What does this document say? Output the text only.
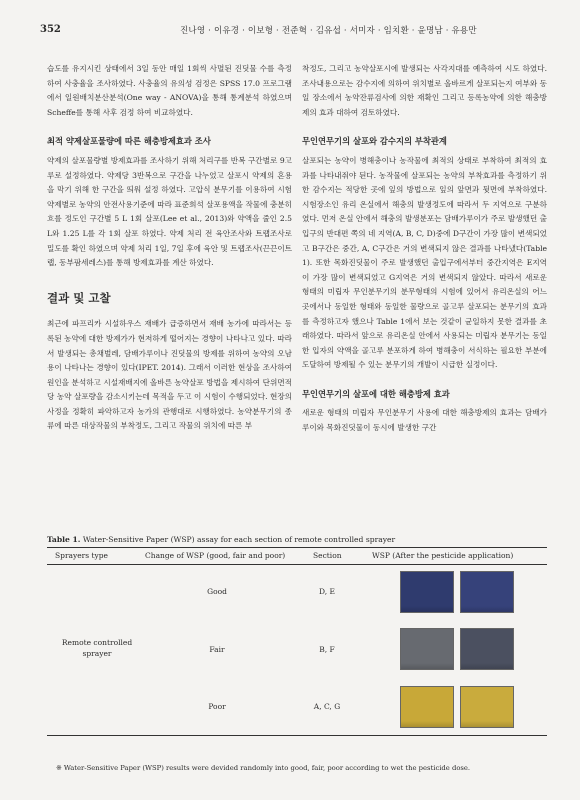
352	진나영 · 이유경 · 이보형 · 전준혁 · 김유섭 · 서미자 · 임치환 · 윤명남 · 유용만

습도를 유지시킨 상태에서 3일 동안 매일 1회씩 사멸된 진딧물 수를 측정하여 사충율을 조사하였다. 사충율의 유의성 검정은 SPSS 17.0 프로그램에서 일원배치분산분석(One way - ANOVA)을 통해 통계분석 하였으며 Scheffe를 통해 사후 검정 하여 비교하였다.

최적 약제살포물량에 따른 해충방제효과 조사

약제의 살포물량별 방제효과를 조사하기 위해 처리구를 반복 구간별로 9고루로 설정하였다. 약제당 3반복으로 구간을 나누었고 살포시 약제의 혼용을 막기 위해 한 구간을 띄워 설정 하였다. 고압식 분무기를 이용하여 시험약제별로 농약의 안전사용기준에 따라 표준희석 살포용액을 작물에 충분히 흐를 정도인 구간별 5 L 1회 살포(Lee et al., 2013)와 약액을 줄인 2.5 L와 1.25 L를 각 1회 살포 하였다. 약제 처리 전 육안조사와 트랩조사로 밀도를 확인 하였으며 약제 처리 1일, 7일 후에 육안 및 트랩조사(끈끈이트랩, 동부팜세레스)를 통해 방제효과를 계산 하였다.

결과 및 고찰

최근에 파프리카 시설하우스 재배가 급증하면서 재배 농가에 따라서는 등록된 농약에 대한 방제가가 현저하게 떨어지는 경향이 나타나고 있다. 따라서 발생되는 총채벌레, 담배가루이나 진딧물의 방제를 위하여 농약의 오남용이 나타나는 경향이 있다(IPET. 2014). 그래서 이러한 현상을 조사하여 원인을 분석하고 시설재배지에 올바른 농약살포 방법을 제시하여 단위면적당 농약 살포량을 감소시키는데 목적을 두고 이 시험이 수행되었다. 현장의 사정을 정확히 파악하고자 농가의 관행대로 시행하였다. 농약분무기의 종류에 따른 대상작물의 부착정도, 그리고 작물의 위치에 따른 부

착정도, 그리고 농약살포시에 발생되는 사각지대를 예측하여 시도 하였다. 조사내용으로는 감수지에 의하여 위치별로 올바르게 살포되는지 여부와 동일 장소에서 농약잔류검사에 의한 재확인 그리고 등록농약에 의한 해충방제의 효과 대하여 검토하였다.

무인연무기의 살포와 감수지의 부착관계

살포되는 농약이 병해충이나 농작물에 최적의 상태로 부착하여 최적의 효과를 나타내줘야 된다. 농작물에 살포되는 농약의 부착효과를 측정하기 위한 감수지는 적당한 곳에 잎의 방법으로 잎의 앞면과 뒷면에 부착하였다. 시험장소인 유리 온실에서 해충의 발생정도에 따라서 두 지역으로 구분하였다. 먼저 온실 안에서 해충의 발생분포는 담배가루이가 주로 발생했던 출입구의 반대편 쪽의 네 지역(A, B, C, D)중에 D구간이 가장 많이 변색되었고 B구간은 중간, A, C구간은 거의 변색되지 않은 결과를 나타냈다(Table 1). 또한 목화진딧물이 주로 발생했던 출입구에서부터 중간지역은 E지역이 가장 많이 변색되었고 G지역은 거의 변색되지 않았다. 따라서 새로운 형태의 미립자 무인분무기의 분무형태의 시험에 있어서 유리온실의 어느 곳에서나 동일한 형태와 동일한 물량으로 골고루 살포되는 분무기의 효과를 측정하고자 했으나 Table 1에서 보는 것같이 균일하지 못한 결과를 초래하였다. 따라서 앞으로 유리온실 안에서 사용되는 미립자 분무기는 동일한 입자의 약액을 골고루 분포하게 하여 병해충이 서식하는 필요한 부분에 도달하여 방제될 수 있는 분무기의 개발이 시급한 실정이다.

무인연무기의 살포에 대한 해충방제 효과

새로운 형태의 미립자 무인분무기 사용에 대한 해충방제의 효과는 담배가루이와 목화진딧물이 동시에 발생한 구간

Table 1. Water-Sensitive Paper (WSP) assay for each section of remote controlled sprayer
Sprayers type	Change of WSP (good, fair and poor)	Section	WSP (After the pesticide application)
Remote controlled sprayer
Good	D, E
Fair	B, F
Poor	A, C, G
※ Water-Sensitive Paper (WSP) results were devided randomly into good, fair, poor according to wet the pesticide dose.
